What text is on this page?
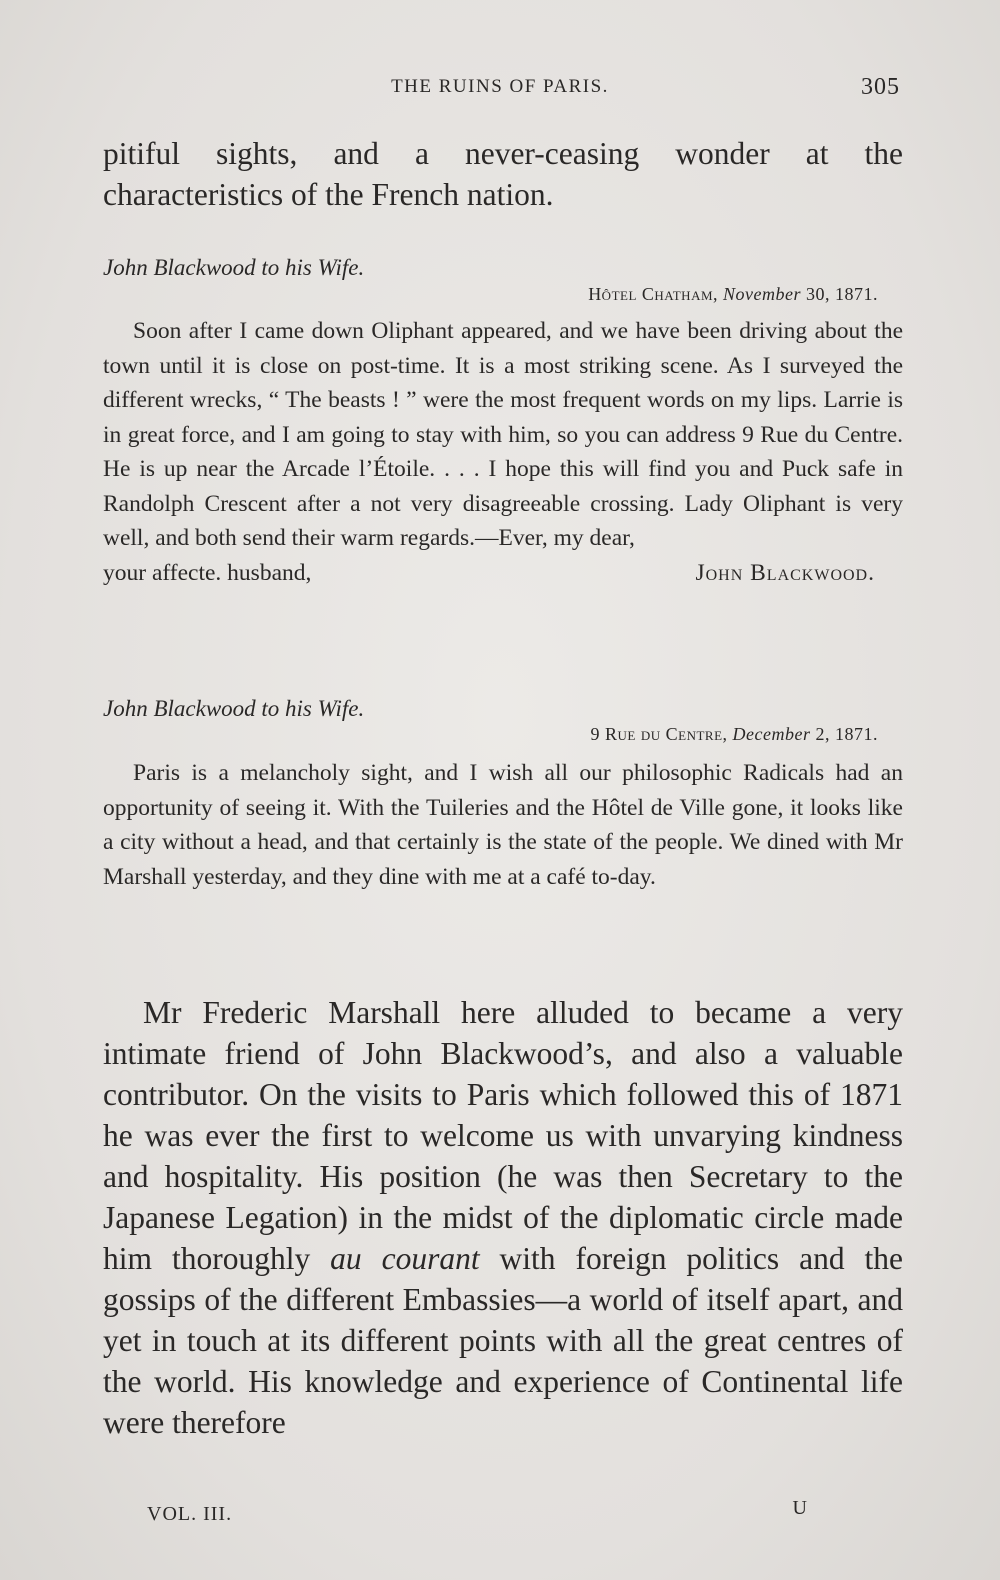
THE RUINS OF PARIS.	305
pitiful sights, and a never-ceasing wonder at the
characteristics of the French nation.
John Blackwood to his Wife.
Hôtel Chatham, November 30, 1871.

Soon after I came down Oliphant appeared, and we have been driving about the town until it is close on post-time. It is a most striking scene. As I surveyed the different wrecks, “ The beasts ! ” were the most frequent words on my lips. Larrie is in great force, and I am going to stay with him, so you can address 9 Rue du Centre. He is up near the Arcade l’Étoile. . . . I hope this will find you and Puck safe in Randolph Crescent after a not very disagreeable crossing. Lady Oliphant is very well, and both send their warm regards.—Ever, my dear,

your affecte. husband,	John Blackwood.
John Blackwood to his Wife.
9 Rue du Centre, December 2, 1871.

Paris is a melancholy sight, and I wish all our philosophic Radicals had an opportunity of seeing it. With the Tuileries and the Hôtel de Ville gone, it looks like a city without a head, and that certainly is the state of the people. We dined with Mr Marshall yesterday, and they dine with me at a café to-day.

Mr Frederic Marshall here alluded to became a very intimate friend of John Blackwood’s, and also a valuable contributor. On the visits to Paris which followed this of 1871 he was ever the first to welcome us with unvarying kindness and hospitality. His position (he was then Secretary to the Japanese Legation) in the midst of the diplomatic circle made him thoroughly au courant with foreign politics and the gossips of the different Embassies—a world of itself apart, and yet in touch at its different points with all the great centres of the world. His knowledge and experience of Continental life were therefore

VOL. III.	U
